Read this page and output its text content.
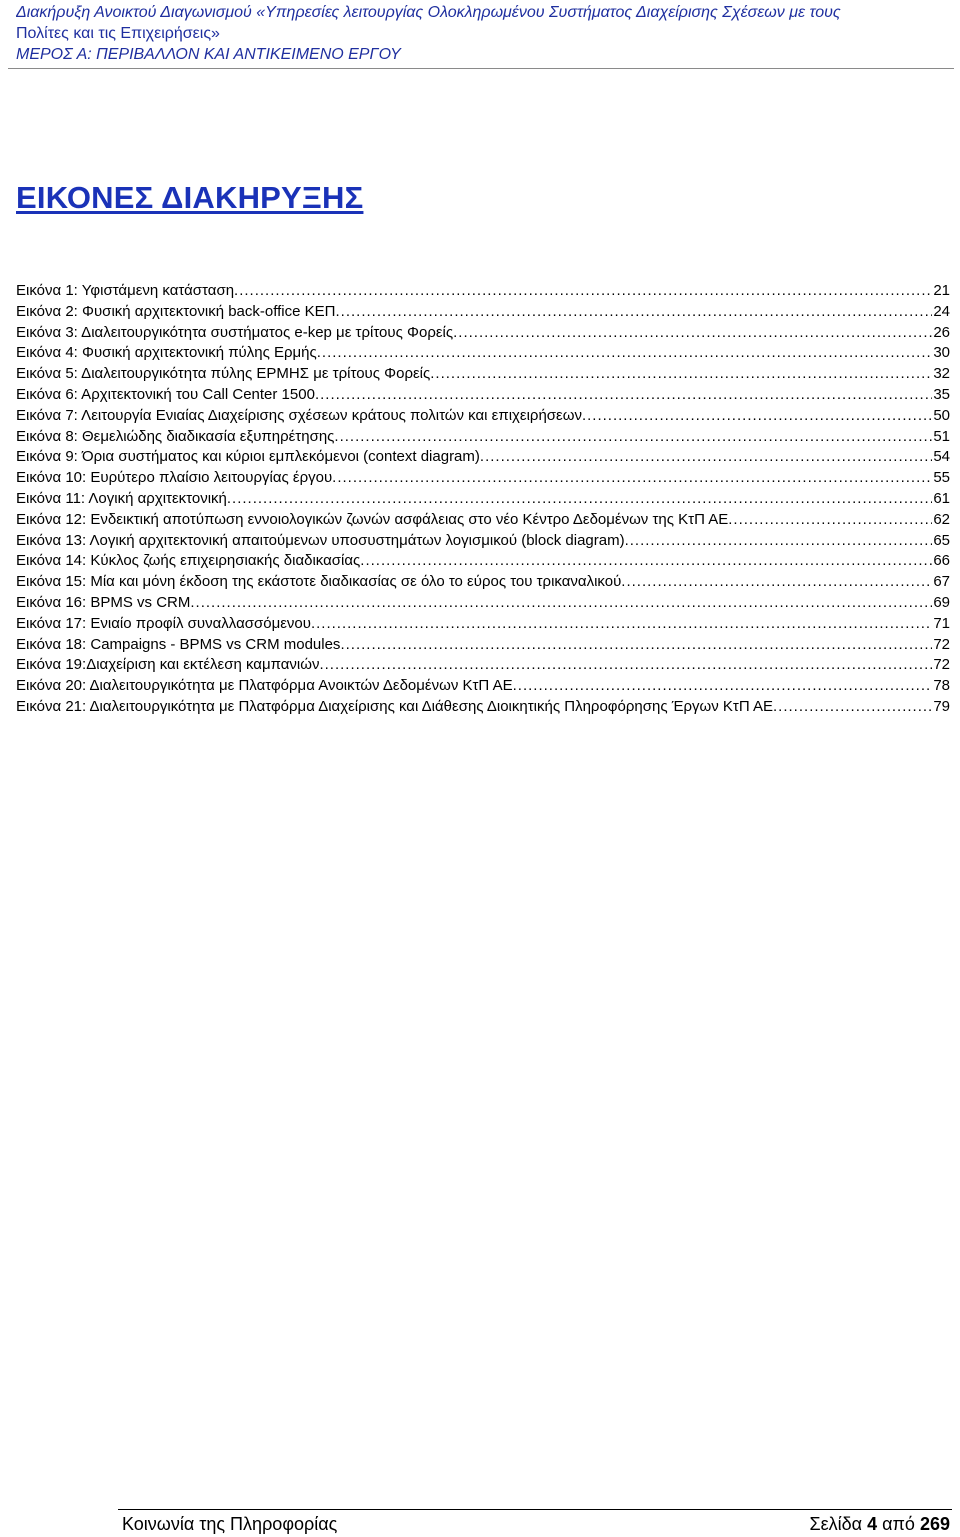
Διακήρυξη Ανοικτού Διαγωνισμού «Υπηρεσίες λειτουργίας Ολοκληρωμένου Συστήματος Διαχείρισης Σχέσεων με τους
Πολίτες και τις Επιχειρήσεις»
ΜΕΡΟΣ Α: ΠΕΡΙΒΑΛΛΟΝ ΚΑΙ ΑΝΤΙΚΕΙΜΕΝΟ ΕΡΓΟΥ
ΕΙΚΟΝΕΣ ΔΙΑΚΗΡΥΞΗΣ
Εικόνα 1: Υφιστάμενη κατάσταση .....	21
Εικόνα 2: Φυσική αρχιτεκτονική back-office ΚΕΠ .....	24
Εικόνα 3: Διαλειτουργικότητα συστήματος e-kep με τρίτους Φορείς .....	26
Εικόνα 4: Φυσική αρχιτεκτονική πύλης Ερμής .....	30
Εικόνα 5: Διαλειτουργικότητα πύλης ΕΡΜΗΣ με τρίτους Φορείς .....	32
Εικόνα 6: Αρχιτεκτονική του Call Center 1500 .....	35
Εικόνα 7: Λειτουργία Ενιαίας Διαχείρισης σχέσεων κράτους πολιτών και επιχειρήσεων .....	50
Εικόνα 8: Θεμελιώδης διαδικασία εξυπηρέτησης .....	51
Εικόνα 9: Όρια συστήματος και κύριοι εμπλεκόμενοι (context diagram) .....	54
Εικόνα 10: Ευρύτερο πλαίσιο λειτουργίας έργου .....	55
Εικόνα 11: Λογική αρχιτεκτονική .....	61
Εικόνα 12: Ενδεικτική αποτύπωση εννοιολογικών ζωνών ασφάλειας στο νέο Κέντρο Δεδομένων της ΚτΠ ΑΕ .....	62
Εικόνα 13: Λογική αρχιτεκτονική απαιτούμενων υποσυστημάτων λογισμικού (block diagram) .....	65
Εικόνα 14: Κύκλος ζωής επιχειρησιακής διαδικασίας .....	66
Εικόνα 15: Μία και μόνη έκδοση της εκάστοτε διαδικασίας σε όλο το εύρος του τρικαναλικού .....	67
Εικόνα 16: BPMS vs CRM .....	69
Εικόνα 17: Ενιαίο προφίλ συναλλασσόμενου .....	71
Εικόνα 18: Campaigns - BPMS vs CRM modules .....	72
Εικόνα 19:Διαχείριση και εκτέλεση καμπανιών .....	72
Εικόνα 20: Διαλειτουργικότητα με Πλατφόρμα Ανοικτών Δεδομένων ΚτΠ ΑΕ .....	78
Εικόνα 21: Διαλειτουργικότητα με Πλατφόρμα Διαχείρισης και Διάθεσης Διοικητικής Πληροφόρησης Έργων ΚτΠ ΑΕ .....	79
Κοινωνία της Πληροφορίας	Σελίδα 4 από 269
